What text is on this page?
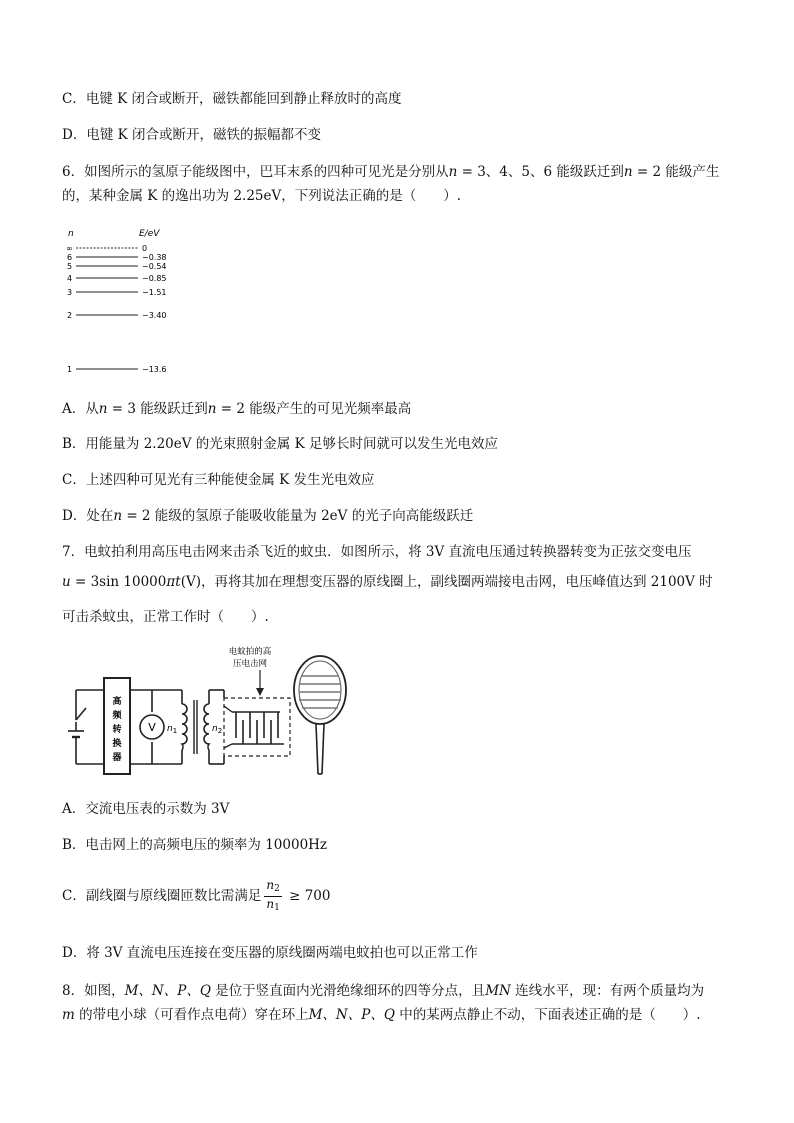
C．电键 K 闭合或断开，磁铁都能回到静止释放时的高度
D．电键 K 闭合或断开，磁铁的振幅都不变
6．如图所示的氢原子能级图中，巴耳末系的四种可见光是分别从n = 3、4、5、6 能级跃迁到n = 2 能级产生
的，某种金属 K 的逸出功为 2.25eV，下列说法正确的是（　　）.
n	E/eV
∞
6
5
4
3
2
1
0
−0.38
−0.54
−0.85
−1.51
−3.40
−13.6
A．从n = 3 能级跃迁到n = 2 能级产生的可见光频率最高
B．用能量为 2.20eV 的光束照射金属 K 足够长时间就可以发生光电效应
C．上述四种可见光有三种能使金属 K 发生光电效应
D．处在n = 2 能级的氢原子能吸收能量为 2eV 的光子向高能级跃迁
7．电蚊拍利用高压电击网来击杀飞近的蚊虫．如图所示，将 3V 直流电压通过转换器转变为正弦交变电压
u = 3sin 10000πt(V)，再将其加在理想变压器的原线圈上，副线圈两端接电击网，电压峰值达到 2100V 时
可击杀蚊虫，正常工作时（　　）.
高
频
转
换
器
V $n_1$	$n_2$
电蚊拍的高
压电击网
A．交流电压表的示数为 3V
B．电击网上的高频电压的频率为 10000Hz
C．副线圈与原线圈匝数比需满足 $\frac{n_2}{n_1} \ge 700$
D．将 3V 直流电压连接在变压器的原线圈两端电蚊拍也可以正常工作
8．如图，M、N、P、Q 是位于竖直面内光滑绝缘细环的四等分点，且MN 连线水平，现：有两个质量均为
m 的带电小球（可看作点电荷）穿在环上M、N、P、Q 中的某两点静止不动，下面表述正确的是（　　）.
